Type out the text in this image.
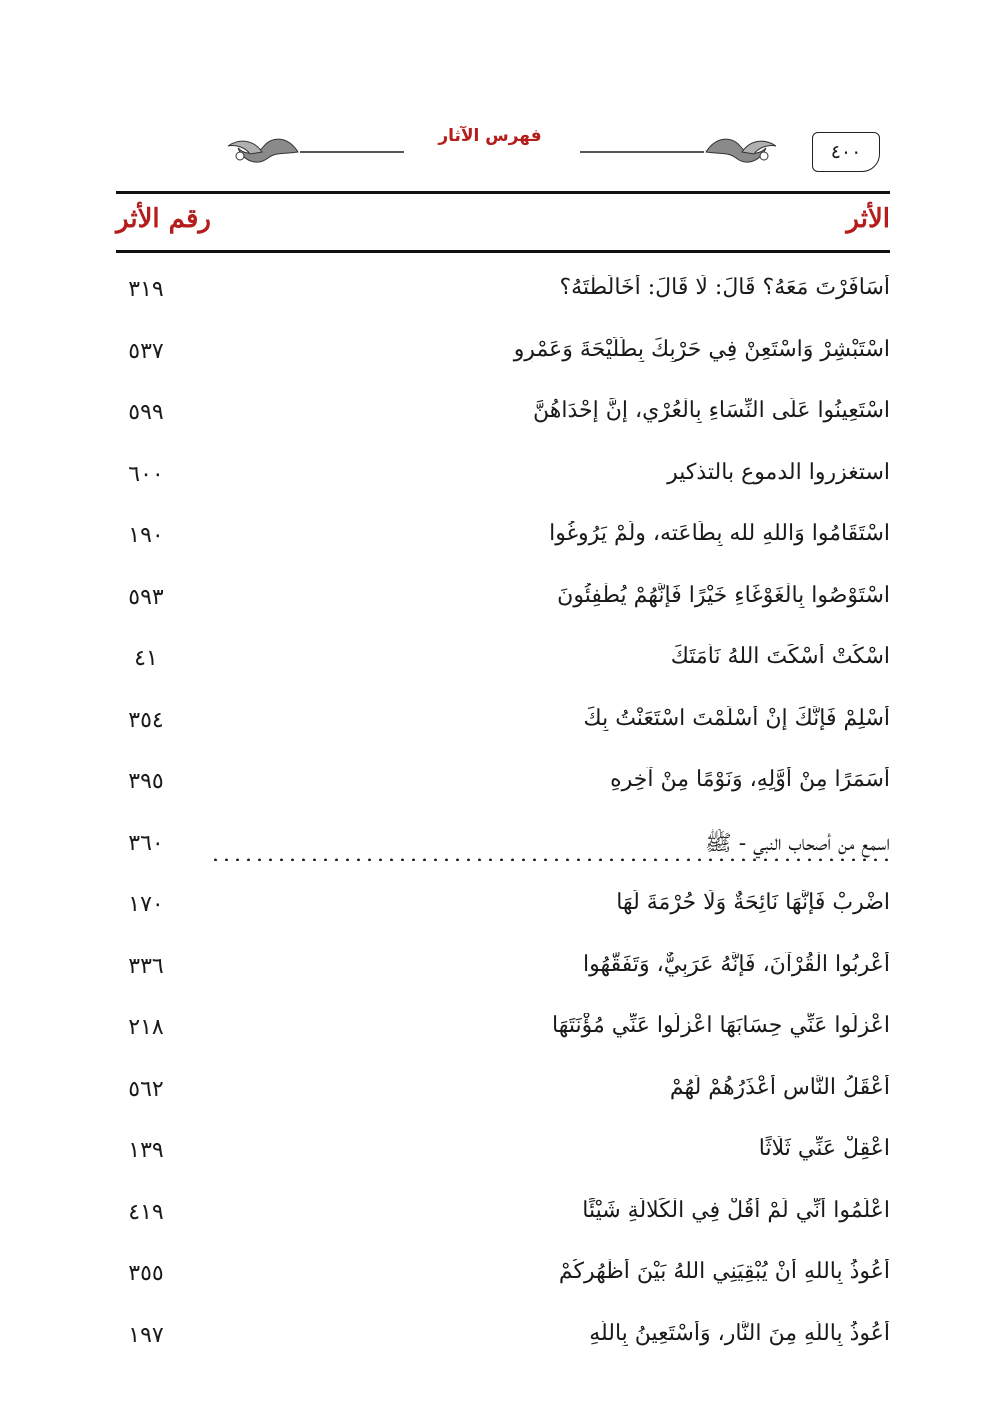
٤٠٠
فهرس الآثار
الأثر
رقم الأثر
٣١٩	أَسَافَرْتَ مَعَهُ؟ قَالَ: لَا قَالَ: أَخَالَطْتَهُ؟
٥٣٧	اسْتَبْشِرْ وَاسْتَعِنْ فِي حَرْبِكَ بِطُلَيْحَةَ وَعَمْرٍو
٥٩٩	اسْتَعِينُوا عَلَى النِّسَاءِ بِالْعُرْيِ، إِنَّ إِحْدَاهُنَّ
٦٠٠	استغزروا الدموع بالتذكير
١٩٠	اسْتَقَامُوا وَاللهِ لله بِطَاعَته، ولَمْ يَرُوغُوا
٥٩٣	اسْتَوْصُوا بِالْغَوْغَاءِ خَيْرًا فَإِنَّهُمْ يُطْفِئُونَ
٤١	اسْكُتْ أَسْكَتَ اللهُ نَأْمَتَكَ
٣٥٤	أَسْلِمْ فَإِنَّكَ إِنْ أَسْلَمْتَ اسْتَعَنْتُ بِكَ
٣٩٥	أَسَمَرًا مِنْ أَوَّلِهِ، وَنَوْمًا مِنْ آخِرِهِ
٣٦٠	اسمع من أصحاب النبي - ﷺ
١٧٠	اضْرِبْ فَإِنَّهَا نَائِحَةٌ وَلَا حُرْمَةَ لَهَا
٣٣٦	أَعْرِبُوا الْقُرْآنَ، فَإِنَّهُ عَرَبِيٌّ، وَتَفَقَّهُوا
٢١٨	اعْزِلُوا عَنِّي حِسَابَهَا اعْزِلُوا عَنِّي مُؤْنَتَهَا
٥٦٢	أَعْقَلُ النَّاسِ أَعْذَرُهُمْ لَهُمْ
١٣٩	اعْقِلْ عَنِّي ثَلَاثًا
٤١٩	اعْلَمُوا أَنِّي لَمْ أَقُلْ فِي الْكَلالَةِ شَيْئًا
٣٥٥	أَعُوذُ بِاللهِ أَنْ يُبْقِيَنِي اللهُ بَيْنَ أَظْهُرِكُمْ
١٩٧	أَعُوذُ بِاللَّهِ مِنَ النَّارِ، وَأَسْتَعِينُ بِاللَّهِ
